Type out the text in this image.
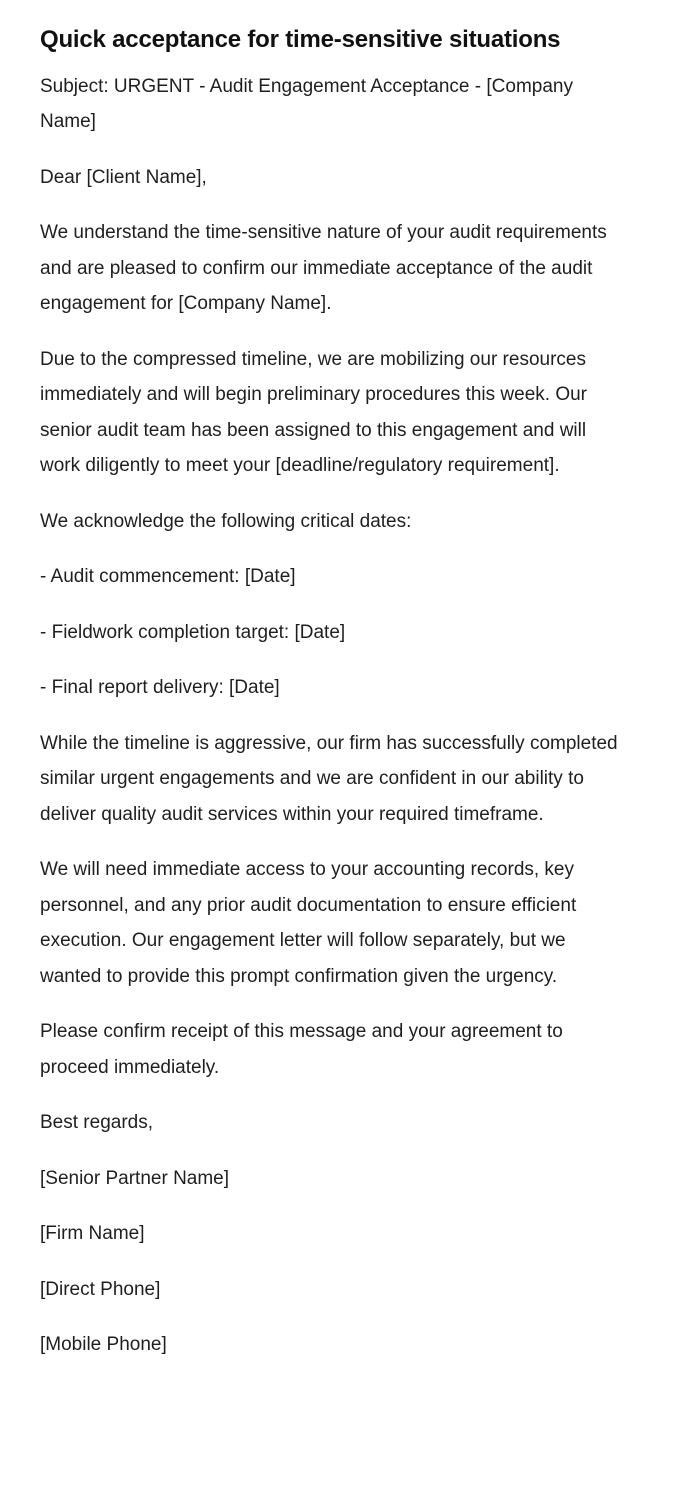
Quick acceptance for time-sensitive situations

Subject: URGENT - Audit Engagement Acceptance - [Company Name]

Dear [Client Name],

We understand the time-sensitive nature of your audit requirements and are pleased to confirm our immediate acceptance of the audit engagement for [Company Name].

Due to the compressed timeline, we are mobilizing our resources immediately and will begin preliminary procedures this week. Our senior audit team has been assigned to this engagement and will work diligently to meet your [deadline/regulatory requirement].

We acknowledge the following critical dates:

- Audit commencement: [Date]

- Fieldwork completion target: [Date]

- Final report delivery: [Date]

While the timeline is aggressive, our firm has successfully completed similar urgent engagements and we are confident in our ability to deliver quality audit services within your required timeframe.

We will need immediate access to your accounting records, key personnel, and any prior audit documentation to ensure efficient execution. Our engagement letter will follow separately, but we wanted to provide this prompt confirmation given the urgency.

Please confirm receipt of this message and your agreement to proceed immediately.

Best regards,

[Senior Partner Name]

[Firm Name]

[Direct Phone]

[Mobile Phone]
